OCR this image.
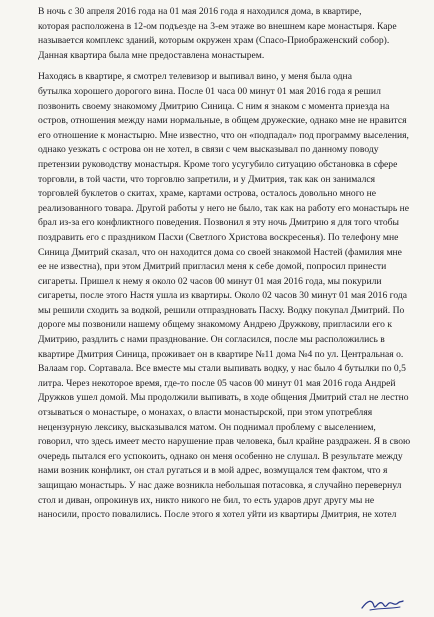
В ночь с 30 апреля 2016 года на 01 мая 2016 года я находился дома, в квартире,
которая расположена в 12-ом подъезде на 3-ем этаже во внешнем каре монастыря. Каре
называется комплекс зданий, которым окружен храм (Спасо-Приображенский собор).
Данная квартира была мне предоставлена монастырем.
Находясь в квартире, я смотрел телевизор и выпивал вино, у меня была одна
бутылка хорошего дорогого вина. После 01 часа 00 минут 01 мая 2016 года я решил
позвонить своему знакомому Дмитрию Синица. С ним я знаком с момента приезда на
остров, отношения между нами нормальные, в общем дружеские, однако мне не нравится
его отношение к монастырю. Мне известно, что он «подпадал» под программу выселения,
однако уезжать с острова он не хотел, в связи с чем высказывал по данному поводу
претензии руководству монастыря. Кроме того усугубило ситуацию обстановка в сфере
торговли, в той части, что торговлю запретили, и у Дмитрия, так как он занимался
торговлей буклетов о скитах, храме, картами острова, осталось довольно много не
реализованного товара. Другой работы у него не было, так как на работу его монастырь не
брал из-за его конфликтного поведения. Позвонил я эту ночь Дмитрию я для того чтобы
поздравить его с праздником Пасхи (Светлого Христова воскресенья). По телефону мне
Синица Дмитрий сказал, что он находится дома со своей знакомой Настей (фамилия мне
ее не известна), при этом Дмитрий пригласил меня к себе домой, попросил принести
сигареты. Пришел к нему я около 02 часов 00 минут 01 мая 2016 года, мы покурили
сигареты, после этого Настя ушла из квартиры. Около 02 часов 30 минут 01 мая 2016 года
мы решили сходить за водкой, решили отпраздновать Пасху. Водку покупал Дмитрий. По
дороге мы позвонили нашему общему знакомому Андрею Дружкову, пригласили его к
Дмитрию, раздлить с нами празднование. Он согласился, после мы расположились в
квартире Дмитрия Синица, проживает он в квартире №11 дома №4 по ул. Центральная о.
Валаам гор. Сортавала. Все вместе мы стали выпивать водку, у нас было 4 бутылки по 0,5
литра. Через некоторое время, где-то после 05 часов 00 минут 01 мая 2016 года Андрей
Дружков ушел домой. Мы продолжили выпивать, в ходе общения Дмитрий стал не лестно
отзываться о монастыре, о монахах, о власти монастырской, при этом употребляя
нецензурную лексику, высказывался матом. Он поднимал проблему с выселением,
говорил, что здесь имеет место нарушение прав человека, был крайне раздражен. Я в свою
очередь пытался его успокоить, однако он меня особенно не слушал. В результате между
нами возник конфликт, он стал ругаться и в мой адрес, возмущался тем фактом, что я
защищаю монастырь. У нас даже возникла небольшая потасовка, я случайно перевернул
стол и диван, опрокинув их, никто никого не бил, то есть ударов друг другу мы не
наносили, просто повалились. После этого я хотел уйти из квартиры Дмитрия, не хотел
